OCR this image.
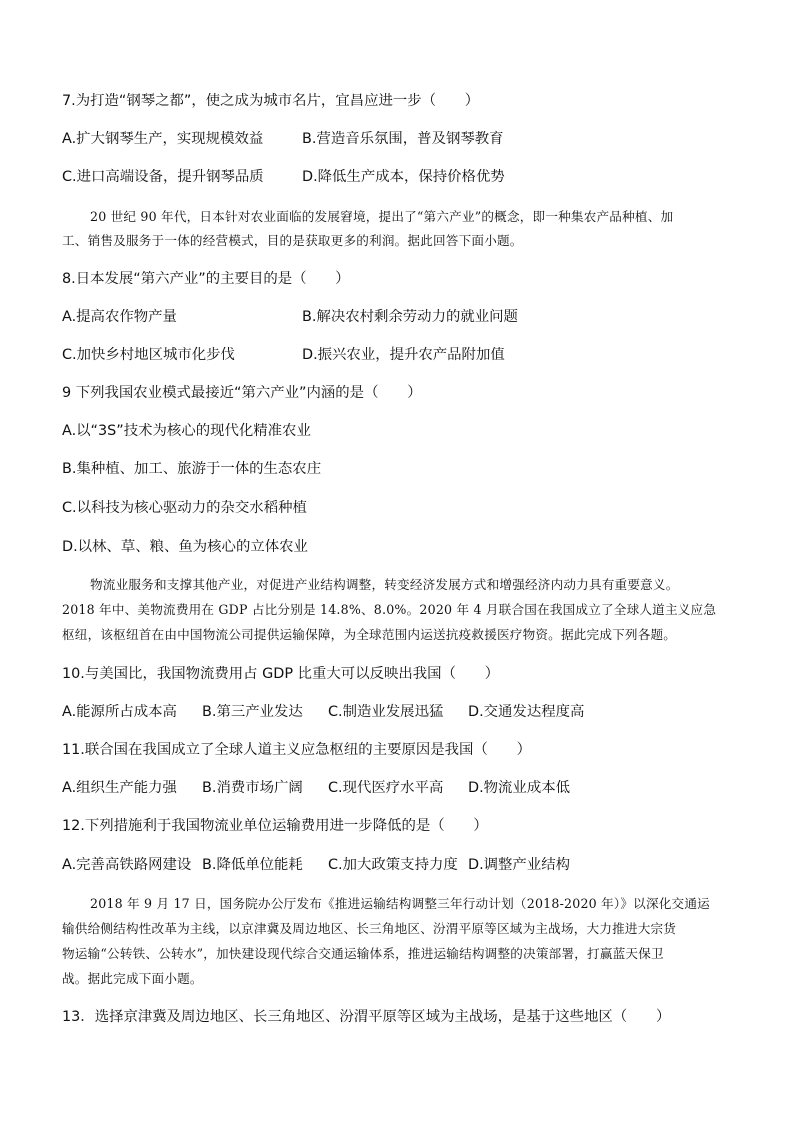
7.为打造“钢琴之都”，使之成为城市名片，宜昌应进一步（　　）
A.扩大钢琴生产，实现规模效益	B.营造音乐氛围，普及钢琴教育
C.进口高端设备，提升钢琴品质	D.降低生产成本，保持价格优势
20 世纪 90 年代，日本针对农业面临的发展窘境，提出了“第六产业”的概念，即一种集农产品种植、加
工、销售及服务于一体的经营模式，目的是获取更多的利润。据此回答下面小题。
8.日本发展“第六产业”的主要目的是（　　）
A.提高农作物产量	B.解决农村剩余劳动力的就业问题
C.加快乡村地区城市化步伐	D.振兴农业，提升农产品附加值
9 下列我国农业模式最接近“第六产业”内涵的是（　　）
A.以“3S”技术为核心的现代化精准农业
B.集种植、加工、旅游于一体的生态农庄
C.以科技为核心驱动力的杂交水稻种植
D.以林、草、粮、鱼为核心的立体农业
物流业服务和支撑其他产业，对促进产业结构调整，转变经济发展方式和增强经济内动力具有重要意义。
2018 年中、美物流费用在 GDP 占比分别是 14.8%、8.0%。2020 年 4 月联合国在我国成立了全球人道主义应急
枢纽，该枢纽首在由中国物流公司提供运输保障，为全球范围内运送抗疫救援医疗物资。据此完成下列各题。
10.与美国比，我国物流费用占 GDP 比重大可以反映出我国（　　）
A.能源所占成本高 B.第三产业发达 C.制造业发展迅猛 D.交通发达程度高
11.联合国在我国成立了全球人道主义应急枢纽的主要原因是我国（　　）
A.组织生产能力强 B.消费市场广阔 C.现代医疗水平高 D.物流业成本低
12.下列措施利于我国物流业单位运输费用进一步降低的是（　　）
A.完善高铁路网建设 B.降低单位能耗 C.加大政策支持力度 D.调整产业结构
2018 年 9 月 17 日，国务院办公厅发布《推进运输结构调整三年行动计划（2018-2020 年）》以深化交通运
输供给侧结构性改革为主线，以京津冀及周边地区、长三角地区、汾渭平原等区域为主战场，大力推进大宗货
物运输“公转铁、公转水”，加快建设现代综合交通运输体系，推进运输结构调整的决策部署，打赢蓝天保卫
战。据此完成下面小题。
13．选择京津冀及周边地区、长三角地区、汾渭平原等区域为主战场，是基于这些地区（　　）
